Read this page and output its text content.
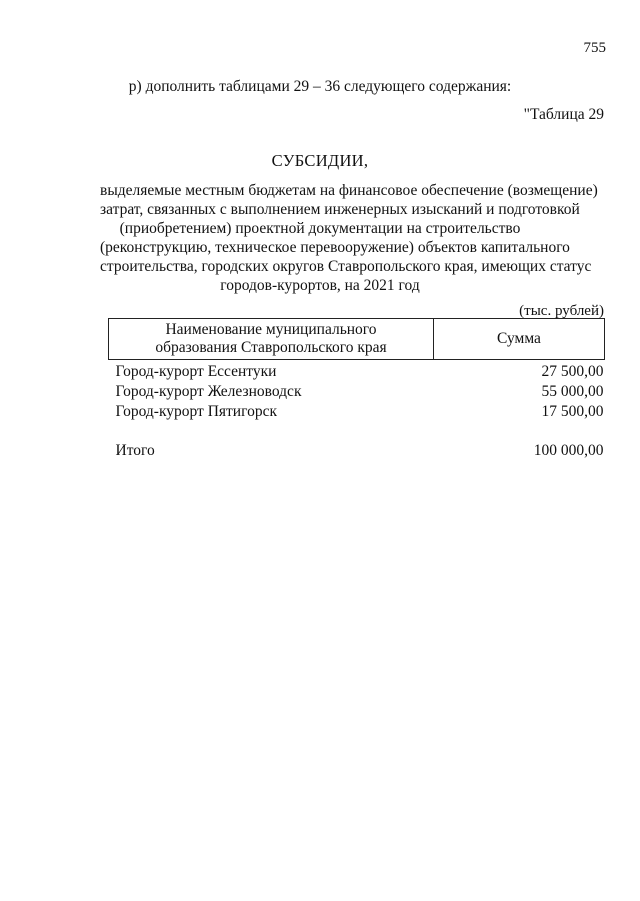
755
р) дополнить таблицами 29 – 36 следующего содержания:
"Таблица 29
СУБСИДИИ,
выделяемые местным бюджетам на финансовое обеспечение (возмещение)
затрат, связанных с выполнением инженерных изысканий и подготовкой
(приобретением) проектной документации на строительство
(реконструкцию, техническое перевооружение) объектов капитального
строительства, городских округов Ставропольского края, имеющих статус
городов-курортов, на 2021 год
(тыс. рублей)
Наименование муниципального
образования Ставропольского края	Сумма
Город-курорт Ессентуки	27 500,00
Город-курорт Железноводск	55 000,00
Город-курорт Пятигорск	17 500,00

Итого	100 000,00
